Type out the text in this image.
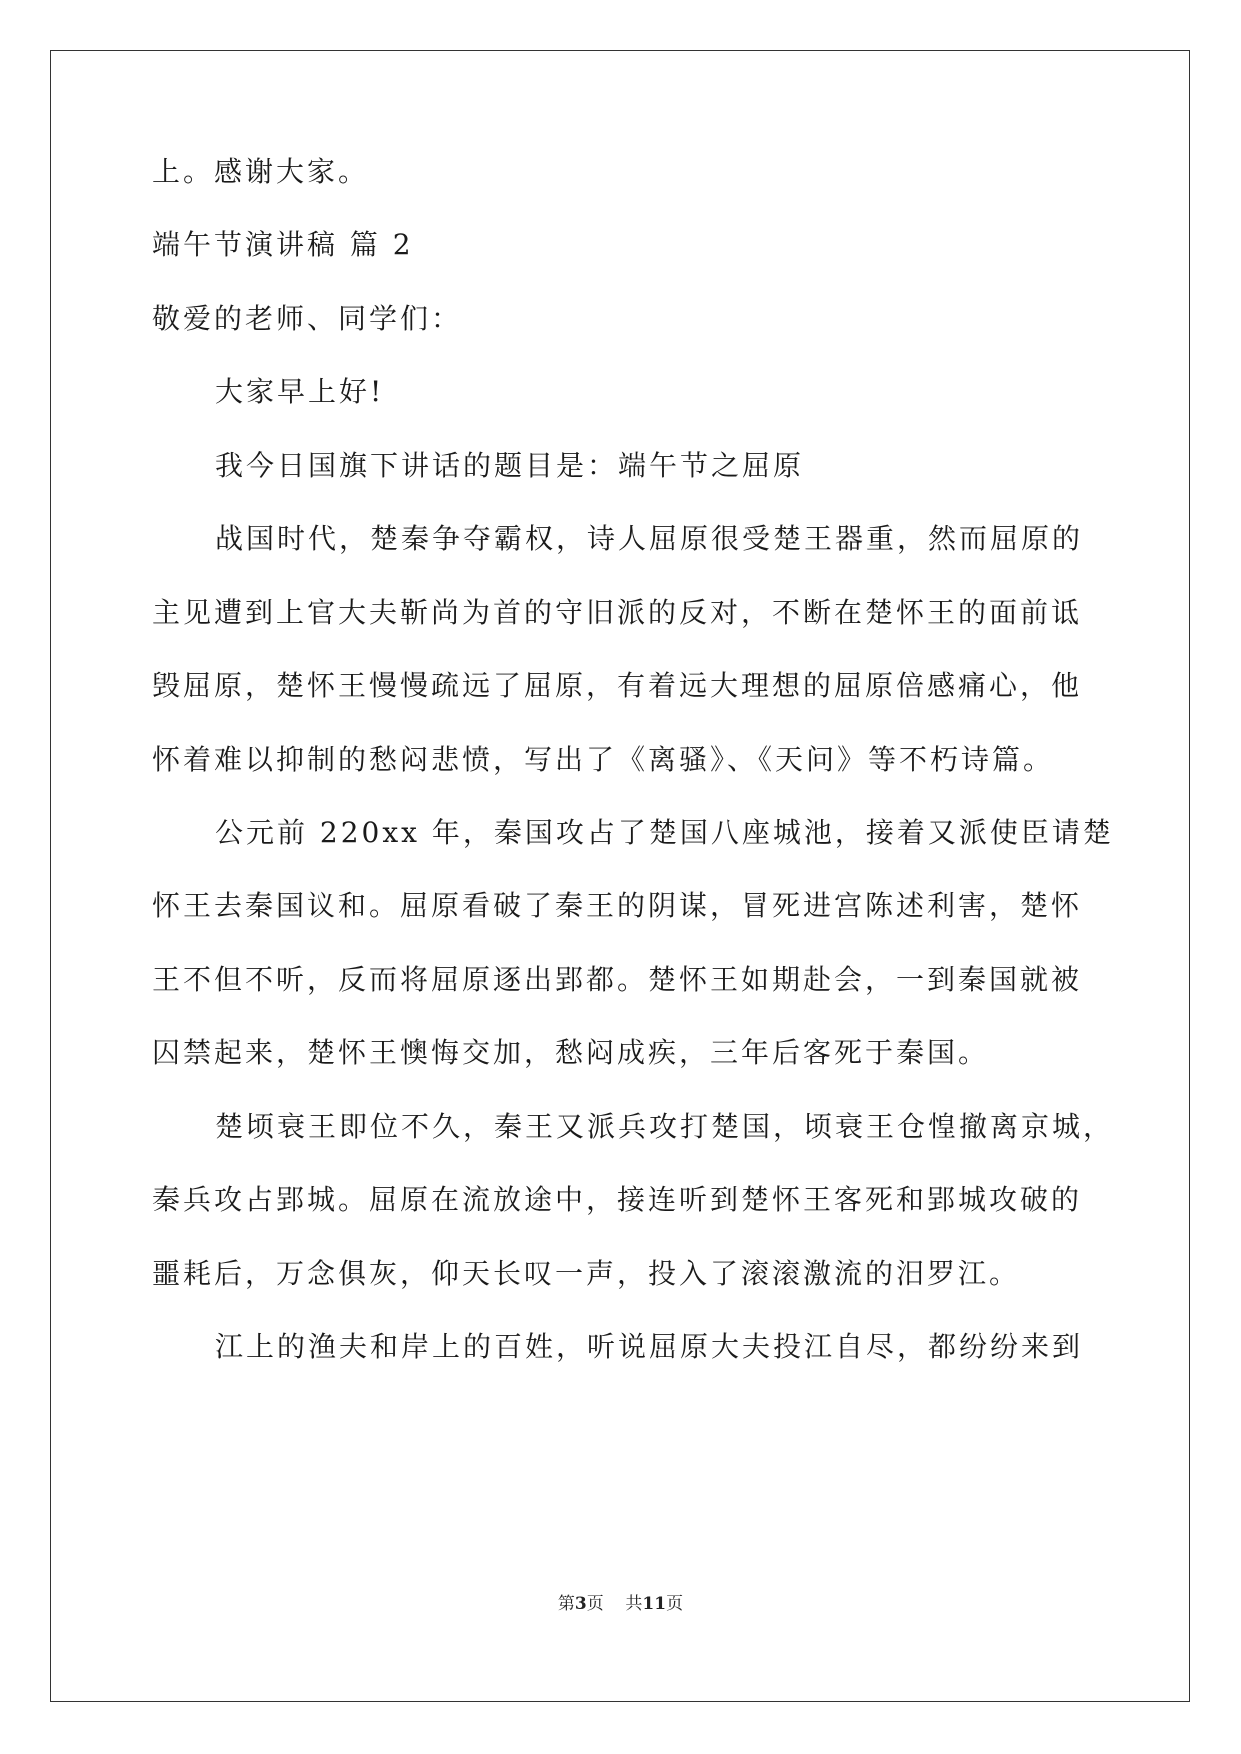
上。感谢大家。
端午节演讲稿 篇 2
敬爱的老师、同学们：
大家早上好!
我今日国旗下讲话的题目是：端午节之屈原
战国时代，楚秦争夺霸权，诗人屈原很受楚王器重，然而屈原的
主见遭到上官大夫靳尚为首的守旧派的反对，不断在楚怀王的面前诋
毁屈原，楚怀王慢慢疏远了屈原，有着远大理想的屈原倍感痛心，他
怀着难以抑制的愁闷悲愤，写出了《离骚》、《天问》等不朽诗篇。
公元前 220xx 年，秦国攻占了楚国八座城池，接着又派使臣请楚
怀王去秦国议和。屈原看破了秦王的阴谋，冒死进宫陈述利害，楚怀
王不但不听，反而将屈原逐出郢都。楚怀王如期赴会，一到秦国就被
囚禁起来，楚怀王懊悔交加，愁闷成疾，三年后客死于秦国。
楚顷衰王即位不久，秦王又派兵攻打楚国，顷衰王仓惶撤离京城，
秦兵攻占郢城。屈原在流放途中，接连听到楚怀王客死和郢城攻破的
噩耗后，万念俱灰，仰天长叹一声，投入了滚滚激流的汨罗江。
江上的渔夫和岸上的百姓，听说屈原大夫投江自尽，都纷纷来到
第3页 共11页
